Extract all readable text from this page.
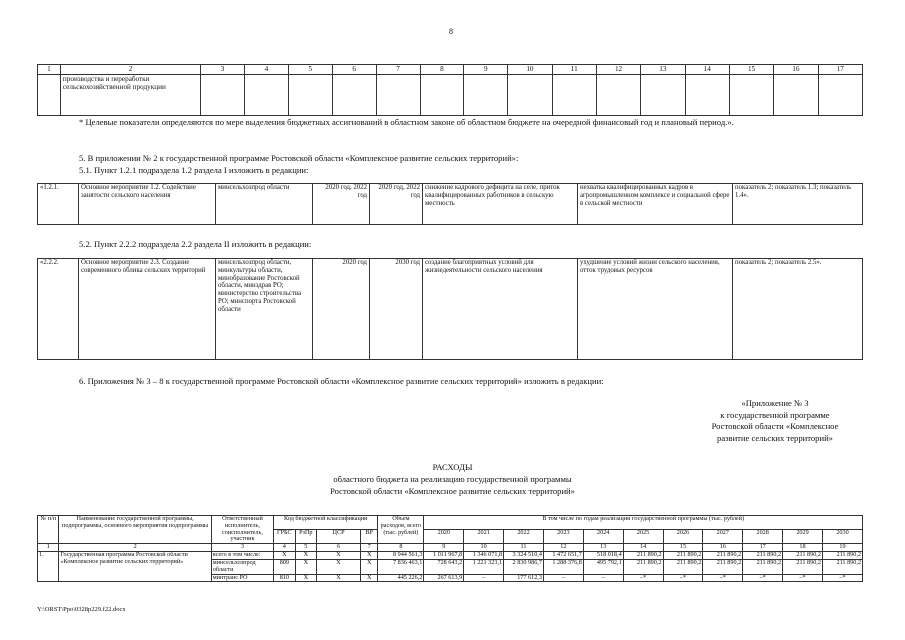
8
1	2	3	4	5	6	7	8	9	10	11	12	13	14	15	16	17
	производства и переработки сельскохозяйственной продукции															
* Целевые показатели определяются по мере выделения бюджетных ассигнований в областном законе об областном бюджете на очередной финансовый год и плановый период.».
5. В приложении № 2 к государственной программе Ростовской области «Комплексное развитие сельских территорий»:
5.1. Пункт 1.2.1 подраздела 1.2 раздела I изложить в редакции:
«1.2.1.	Основное мероприятие 1.2. Содействие занятости сельского населения	минсельхозпрод области	2020 год, 2022 год	2020 год, 2022 год	снижение кадрового дефицита на селе, приток квалифицированных работников в сельскую местность	нехватка квалифицированных кадров в агропромышленном комплексе и социальной сфере в сельской местности	показатель 2; показатель 1.3; показатель 1.4».
5.2. Пункт 2.2.2 подраздела 2.2 раздела II изложить в редакции:
«2.2.2.	Основное мероприятие 2.3. Создание современного облика сельских территорий	минсельхозпрод области, минкультуры области, минобразование Ростовской области, минздрав РО; министерство строительства РО; минспорта Ростовской области	2020 год	2030 год	создание благоприятных условий для жизнедеятельности сельского населения	ухудшение условий жизни сельского населения, отток трудовых ресурсов	показатель 2; показатель 2.5».
6. Приложения № 3 – 8 к государственной программе Ростовской области «Комплексное развитие сельских территорий» изложить в редакции:
«Приложение № 3
к государственной программе
Ростовской области «Комплексное
развитие сельских территорий»
РАСХОДЫ
областного бюджета на реализацию государственной программы
Ростовской области «Комплексное развитие сельских территорий»
№ п/п	Наименование государственной программы, подпрограммы, основного мероприятия подпрограммы	Ответственный исполнитель, соисполнитель, участник	Код бюджетной классификации				Объем расходов, всего (тыс. рублей)	В том числе по годам реализации государственной программы (тыс. рублей)										
			ГРБС	РзПр	ЦСР	ВР		2020	2021	2022	2023	2024	2025	2026	2027	2028	2029	2030
1	2	3	4	5	6	7	8	9	10	11	12	13	14	15	16	17	18	19
1.	Государственная программа Ростовской области «Комплексное развитие сельских территорий»	всего в том числе:	X	X	X	X	8 944 561,3	1 011 967,8	1 346 071,8	3 324 510,4	1 472 651,7	518 018,4	211 890,2	211 890,2	211 890,2	211 890,2	211 890,2	211 890,2
		минсельхозпрод области	809	X	X	X	7 836 463,1	728 643,2	1 221 323,1	2 830 986,7	1 288 376,8	495 792,1	211 890,2	211 890,2	211 890,2	211 890,2	211 890,2	211 890,2
		минтранс РО	810	X	X	X	445 226,2	267 613,9	–	177 612,3	–	–	–*	–*	–*	–*	–*	–*
Y:\ORST\Ppo\0328p229.f22.docx
